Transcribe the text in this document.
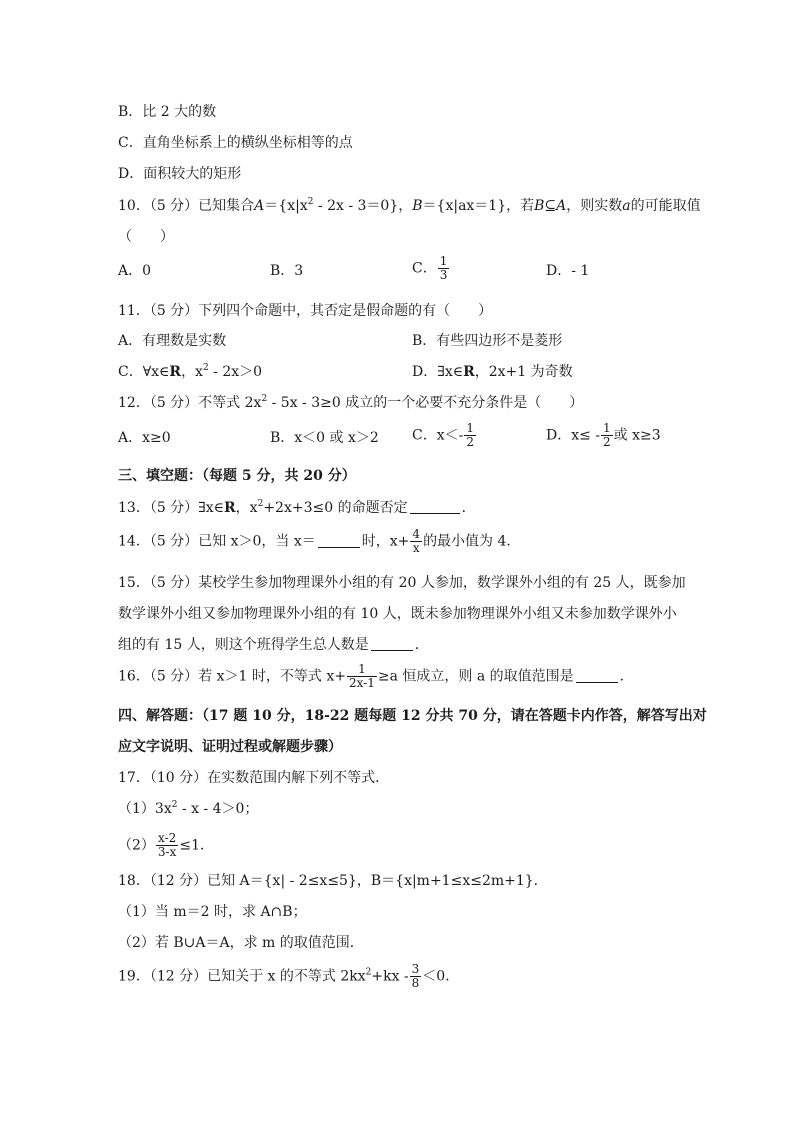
B．比 2 大的数
C．直角坐标系上的横纵坐标相等的点
D．面积较大的矩形
10．（5 分）已知集合$A=\{x|x^2 - 2x - 3=0\}$，B＝{x|ax＝1}，若B⊆A，则实数a的可能取值
（　　）
A．0	B．3	C． $\frac{1}{3}$	D．- 1
11．（5 分）下列四个命题中，其否定是假命题的有（　　）
A．有理数是实数	B．有些四边形不是菱形
C．∀x∈R，$x^2 - 2x>0$	D．∃x∈R，2x+1 为奇数
12．（5 分）不等式 $2x^2 - 5x - 3\ge 0$ 成立的一个必要不充分条件是（　　）
A．x≥0	B．x＜0 或 x＞2 C．$x<- \frac{1}{2}$	D．$x\le - \frac{1}{2}$ 或 x≥3
三、填空题：（每题 5 分，共 20 分）
13．（5 分）∃x∈R，$x^2+2x+3\le 0$ 的命题否定	．
14．（5 分）已知 x＞0，当 x＝	时，$x+ \frac{4}{x}$ 的最小值为 4．
15．（5 分）某校学生参加物理课外小组的有 20 人参加，数学课外小组的有 25 人，既参加
数学课外小组又参加物理课外小组的有 10 人，既未参加物理课外小组又未参加数学课外小
组的有 15 人，则这个班得学生总人数是	．
16．（5 分）若 x＞1 时，不等式 $x+ \frac{1}{2x-1} \ge a$ 恒成立，则 a 的取值范围是	．
四、解答题：（17 题 10 分，18-22 题每题 12 分共 70 分，请在答题卡内作答，解答写出对
应文字说明、证明过程或解题步骤）
17．（10 分）在实数范围内解下列不等式．
$(1)3x^2 - x - 4>0$；
$(2) \frac{x-2}{3-x} \le 1$．
18．（12 分）已知 A＝{x| - 2≤x≤5}，B＝{x|m+1≤x≤2m+1}．
（1）当 m＝2 时，求 A∩B；
（2）若 B∪A＝A，求 m 的取值范围．
19．（12 分）已知关于 x 的不等式 $2kx^2+kx - \frac{3}{8} <0$．
